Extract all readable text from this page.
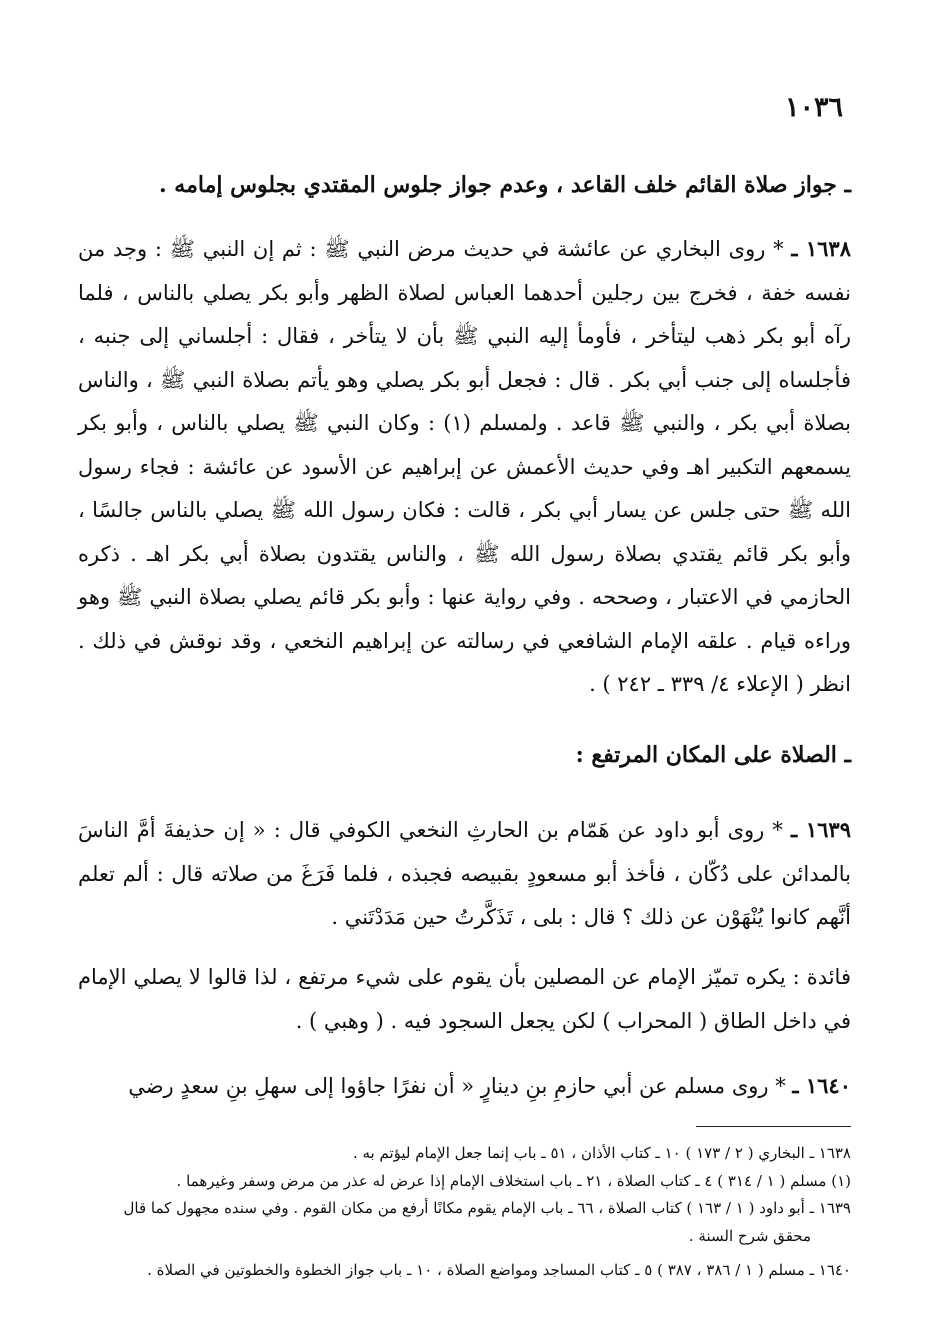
١٠٣٦
ـ جواز صلاة القائم خلف القاعد ، وعدم جواز جلوس المقتدي بجلوس إمامه .
١٦٣٨ ـ * روى البخاري عن عائشة في حديث مرض النبي ﷺ : ثم إن النبي ﷺ : وجد من نفسه خفة ، فخرج بين رجلين أحدهما العباس لصلاة الظهر وأبو بكر يصلي بالناس ، فلما رآه أبو بكر ذهب ليتأخر ، فأومأ إليه النبي ﷺ بأن لا يتأخر ، فقال : أجلساني إلى جنبه ، فأجلساه إلى جنب أبي بكر . قال : فجعل أبو بكر يصلي وهو يأتم بصلاة النبي ﷺ ، والناس بصلاة أبي بكر ، والنبي ﷺ قاعد . ولمسلم (١) : وكان النبي ﷺ يصلي بالناس ، وأبو بكر يسمعهم التكبير اهـ وفي حديث الأعمش عن إبراهيم عن الأسود عن عائشة : فجاء رسول الله ﷺ حتى جلس عن يسار أبي بكر ، قالت : فكان رسول الله ﷺ يصلي بالناس جالسًا ، وأبو بكر قائم يقتدي بصلاة رسول الله ﷺ ، والناس يقتدون بصلاة أبي بكر اهـ . ذكره الحازمي في الاعتبار ، وصححه . وفي رواية عنها : وأبو بكر قائم يصلي بصلاة النبي ﷺ وهو وراءه قيام . علقه الإمام الشافعي في رسالته عن إبراهيم النخعي ، وقد نوقش في ذلك . انظر ( الإعلاء ٤/ ٣٣٩ ـ ٢٤٢ ) .
ـ الصلاة على المكان المرتفع :
١٦٣٩ ـ * روى أبو داود عن هَمّام بن الحارثِ النخعي الكوفي قال : « إن حذيفةَ أمَّ الناسَ بالمدائن على دُكّان ، فأخذ أبو مسعودٍ بقبيصه فجبذه ، فلما فَرَغَ من صلاته قال : ألم تعلم أنَّهم كانوا يُنْهَوْن عن ذلك ؟ قال : بلى ، تَذَكَّرتُ حين مَدَدْتَني .
فائدة : يكره تميّز الإمام عن المصلين بأن يقوم على شيء مرتفع ، لذا قالوا لا يصلي الإمام في داخل الطاق ( المحراب ) لكن يجعل السجود فيه . ( وهبي ) .
١٦٤٠ ـ * روى مسلم عن أبي حازمِ بنِ دينارٍ « أن نفرًا جاؤوا إلى سهلِ بنِ سعدٍ رضي

١٦٣٨ ـ البخاري ( ٢ / ١٧٣ ) ١٠ ـ كتاب الأذان ، ٥١ ـ باب إنما جعل الإمام ليؤتم به .

(١) مسلم ( ١ / ٣١٤ ) ٤ ـ كتاب الصلاة ، ٢١ ـ باب استخلاف الإمام إذا عرض له عذر من مرض وسفر وغيرهما .

١٦٣٩ ـ أبو داود ( ١ / ١٦٣ ) كتاب الصلاة ، ٦٦ ـ باب الإمام يقوم مكانًا أرفع من مكان القوم . وفي سنده مجهول كما قال

محقق شرح السنة .

١٦٤٠ ـ مسلم ( ١ / ٣٨٦ ، ٣٨٧ ) ٥ ـ كتاب المساجد ومواضع الصلاة ، ١٠ ـ باب جواز الخطوة والخطوتين في الصلاة .
